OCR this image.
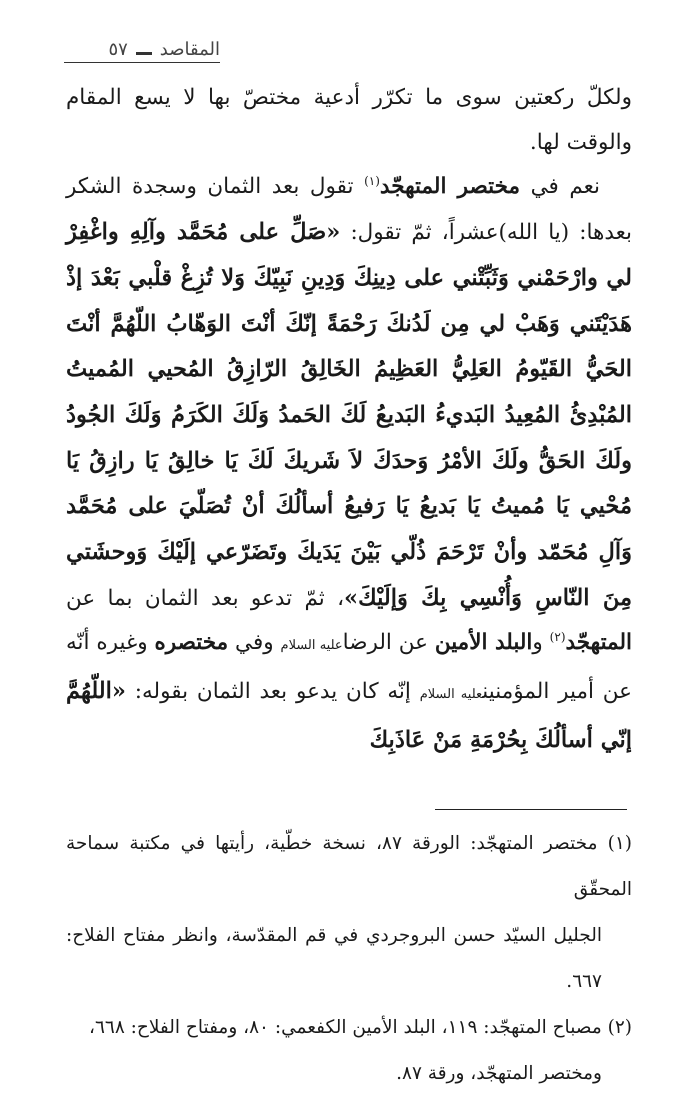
المقاصد
٥٧

ولكلّ ركعتين سوى ما تكرّر أدعية مختصّ بها لا يسع المقام والوقت لها.

نعم في مختصر المتهجّد$^{(١)}$ تقول بعد الثمان وسجدة الشكر بعدها: (يا الله)عشراً، ثمّ تقول: «صَلِّ على مُحَمَّد وآلِهِ واغْفِرْ لي وارْحَمْني وَثَبِّتْني على دِينِكَ وَدِينِ نَبِيّكَ وَلا تُزِغْ قلْبي بَعْدَ إذْ هَدَيْتَني وَهَبْ لي مِن لَدُنكَ رَحْمَةً إنّكَ أنْتَ الوَهّابُ اللّهُمَّ أنْتَ الحَيُّ القَيّومُ العَلِيُّ العَظِيمُ الخَالِقُ الرّازِقُ المُحيي المُميتُ المُبْدِئُ المُعِيدُ البَديءُ البَديعُ لَكَ الحَمدُ وَلَكَ الكَرَمُ وَلَكَ الجُودُ ولَكَ الحَقُّ ولَكَ الأمْرُ وَحدَكَ لاَ شَريكَ لَكَ يَا خالِقُ يَا رازِقُ يَا مُحْيي يَا مُميتُ يَا بَديعُ يَا رَفيعُ أسألُكَ أنْ تُصَلّيَ على مُحَمَّد وَآلِ مُحَمّد وأنْ تَرْحَمَ ذُلّي بَيْنَ يَدَيكَ وتَضَرّعي إلَيْكَ وَوحشَتي مِنَ النّاسِ وَأُنْسِي بِكَ وَإلَيْكَ»، ثمّ تدعو بعد الثمان بما عن المتهجّد$^{(٢)}$ والبلد الأمين عن الرضاعليه السلام وفي مختصره وغيره أنّه عن أمير المؤمنينعليه السلام إنّه كان يدعو بعد الثمان بقوله: «اللّهُمَّ إنّي أسألُكَ بِحُرْمَةِ مَنْ عَاذَبِكَ

(١) مختصر المتهجّد: الورقة ٨٧، نسخة خطّية، رأيتها في مكتبة سماحة المحقّق

الجليل السيّد حسن البروجردي في قم المقدّسة، وانظر مفتاح الفلاح: ٦٦٧.

(٢) مصباح المتهجّد: ١١٩، البلد الأمين الكفعمي: ٨٠، ومفتاح الفلاح: ٦٦٨،

ومختصر المتهجّد، ورقة ٨٧.
